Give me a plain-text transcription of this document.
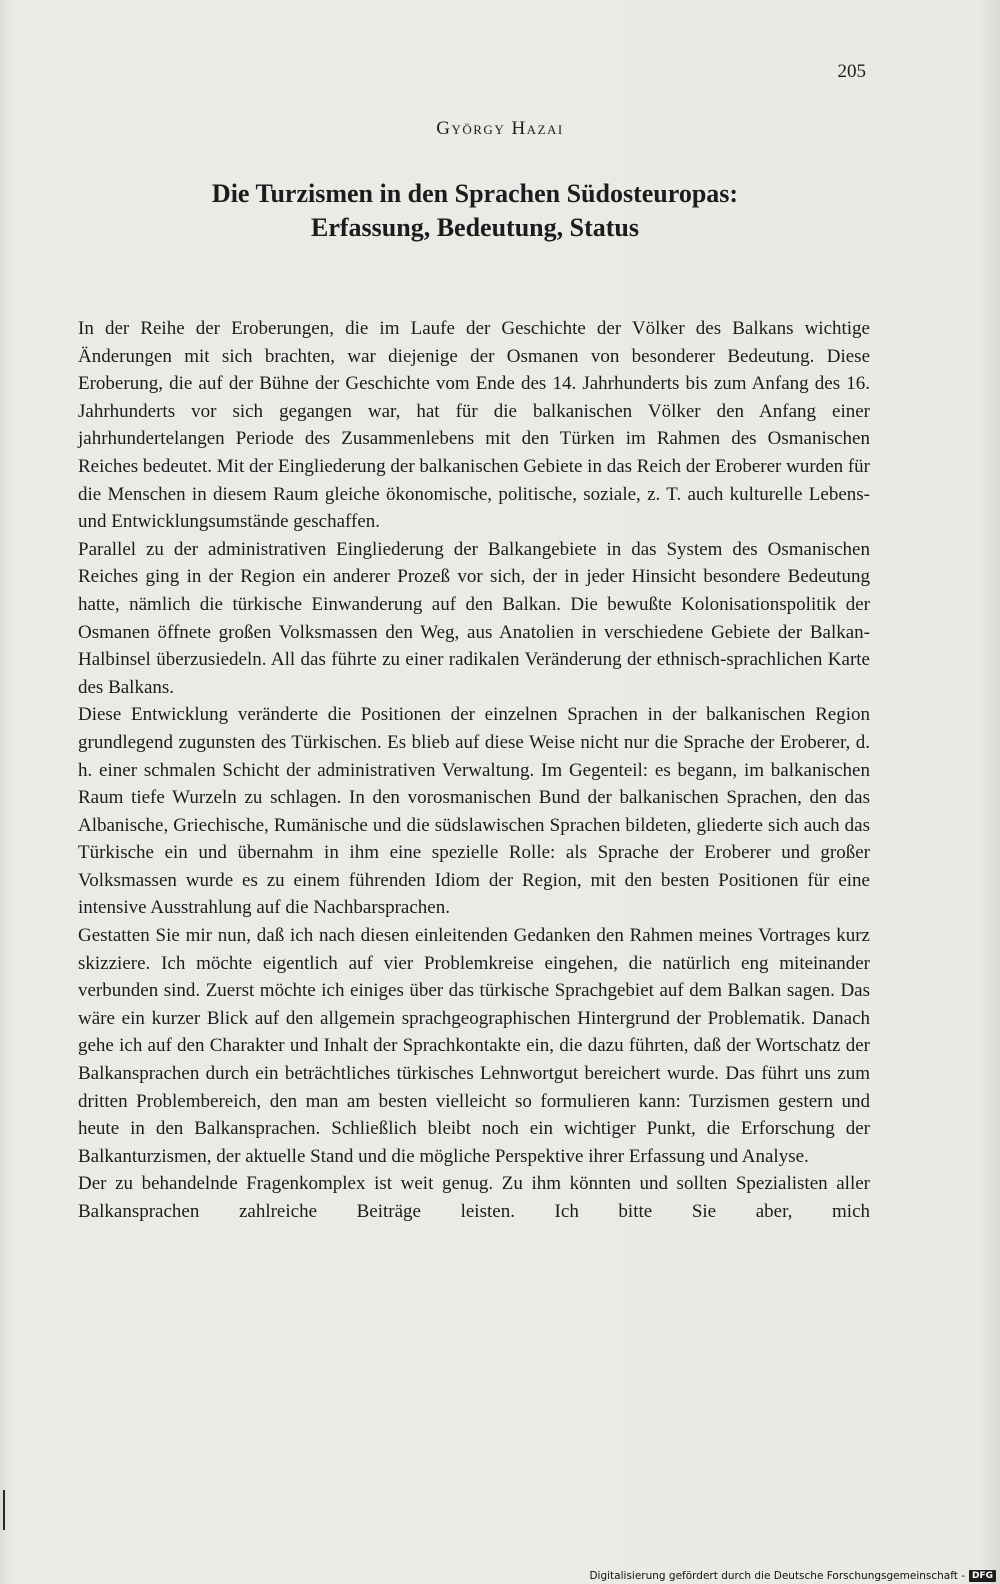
205
György Hazai
Die Turzismen in den Sprachen Südosteuropas:
Erfassung, Bedeutung, Status

In der Reihe der Eroberungen, die im Laufe der Geschichte der Völker des Balkans wichtige Änderungen mit sich brachten, war diejenige der Osmanen von besonderer Bedeutung. Diese Eroberung, die auf der Bühne der Geschichte vom Ende des 14. Jahrhunderts bis zum Anfang des 16. Jahrhunderts vor sich gegangen war, hat für die balkanischen Völker den Anfang einer jahrhundertelangen Periode des Zusammenlebens mit den Türken im Rahmen des Osmanischen Reiches bedeutet. Mit der Eingliederung der balkanischen Gebiete in das Reich der Eroberer wurden für die Menschen in diesem Raum gleiche ökonomische, politische, soziale, z. T. auch kulturelle Lebens- und Entwicklungsumstände geschaffen.

Parallel zu der administrativen Eingliederung der Balkangebiete in das System des Osmanischen Reiches ging in der Region ein anderer Prozeß vor sich, der in jeder Hinsicht besondere Bedeutung hatte, nämlich die türkische Einwanderung auf den Balkan. Die bewußte Kolonisationspolitik der Osmanen öffnete großen Volksmassen den Weg, aus Anatolien in verschiedene Gebiete der Balkan-Halbinsel überzusiedeln. All das führte zu einer radikalen Veränderung der ethnisch-sprachlichen Karte des Balkans.

Diese Entwicklung veränderte die Positionen der einzelnen Sprachen in der balkanischen Region grundlegend zugunsten des Türkischen. Es blieb auf diese Weise nicht nur die Sprache der Eroberer, d. h. einer schmalen Schicht der administrativen Verwaltung. Im Gegenteil: es begann, im balkanischen Raum tiefe Wurzeln zu schlagen. In den vorosmanischen Bund der balkanischen Sprachen, den das Albanische, Griechische, Rumänische und die südslawischen Sprachen bildeten, gliederte sich auch das Türkische ein und übernahm in ihm eine spezielle Rolle: als Sprache der Eroberer und großer Volksmassen wurde es zu einem führenden Idiom der Region, mit den besten Positionen für eine intensive Ausstrahlung auf die Nachbarsprachen.

Gestatten Sie mir nun, daß ich nach diesen einleitenden Gedanken den Rahmen meines Vortrages kurz skizziere. Ich möchte eigentlich auf vier Problemkreise eingehen, die natürlich eng miteinander verbunden sind. Zuerst möchte ich einiges über das türkische Sprachgebiet auf dem Balkan sagen. Das wäre ein kurzer Blick auf den allgemein sprachgeographischen Hintergrund der Problematik. Danach gehe ich auf den Charakter und Inhalt der Sprachkontakte ein, die dazu führten, daß der Wortschatz der Balkansprachen durch ein beträchtliches türkisches Lehnwortgut bereichert wurde. Das führt uns zum dritten Problembereich, den man am besten vielleicht so formulieren kann: Turzismen gestern und heute in den Balkansprachen. Schließlich bleibt noch ein wichtiger Punkt, die Erforschung der Balkanturzismen, der aktuelle Stand und die mögliche Perspektive ihrer Erfassung und Analyse.

Der zu behandelnde Fragenkomplex ist weit genug. Zu ihm könnten und sollten Spezialisten aller Balkansprachen zahlreiche Beiträge leisten. Ich bitte Sie aber, mich

Digitalisierung gefördert durch die Deutsche Forschungsgemeinschaft - DFG
